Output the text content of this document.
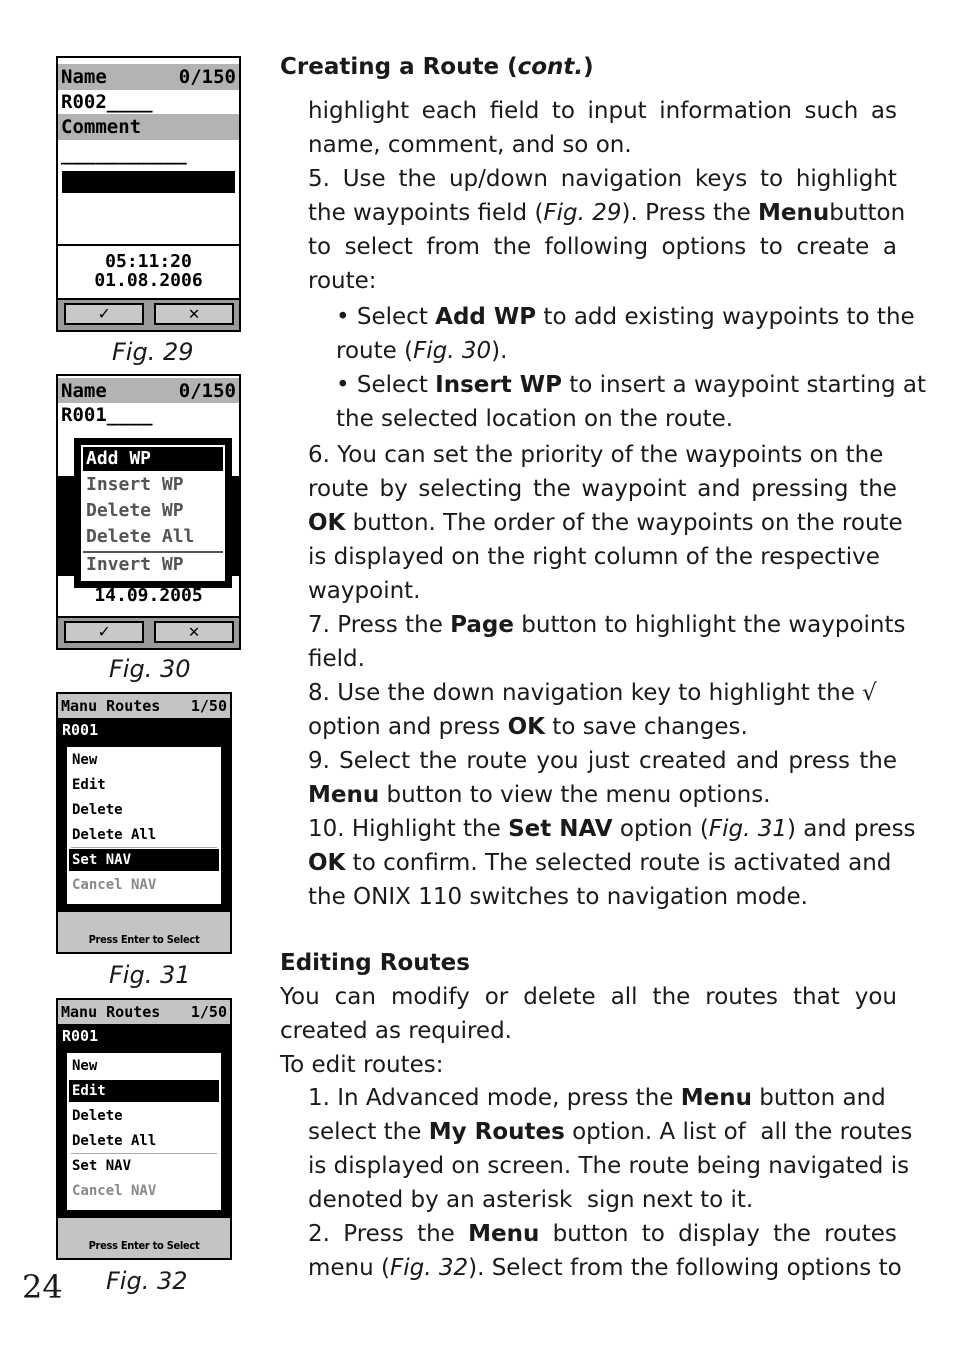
Name	0/150
R002____
Comment
___________
05:11:20
01.08.2006
✓	✕
Fig. 29
Name	0/150
R001____
Add WP
Insert WP
Delete WP
Delete All
Invert WP
14.09.2005
✓	✕
Fig. 30
Manu Routes 1/50
R001
New
Edit
Delete
Delete All
Set NAV
Cancel NAV
Press Enter to Select
Fig. 31
Manu Routes 1/50
R001
New
Edit
Delete
Delete All
Set NAV
Cancel NAV
Press Enter to Select
Fig. 32
24
Creating a Route (cont.)
highlight each field to input information such as
name, comment, and so on.
5. Use the up/down navigation keys to highlight
the waypoints field (Fig. 29). Press the Menu button
to select from the following options to create a
route:
• Select Add WP to add existing waypoints to the
route (Fig. 30).
• Select Insert WP to insert a waypoint starting at
the selected location on the route.
6. You can set the priority of the waypoints on the
route by selecting the waypoint and pressing the
OK button. The order of the waypoints on the route
is displayed on the right column of the respective
waypoint.
7. Press the Page button to highlight the waypoints
field.
8. Use the down navigation key to highlight the √
option and press OK to save changes.
9. Select the route you just created and press the
Menu button to view the menu options.
10. Highlight the Set NAV option (Fig. 31) and press
OK to confirm. The selected route is activated and
the ONIX 110 switches to navigation mode.
Editing Routes
You can modify or delete all the routes that you
created as required.
To edit routes:
1. In Advanced mode, press the Menu button and
select the My Routes option. A list of  all the routes
is displayed on screen. The route being navigated is
denoted by an asterisk  sign next to it.
2. Press the Menu button to display the routes
menu (Fig. 32). Select from the following options to
